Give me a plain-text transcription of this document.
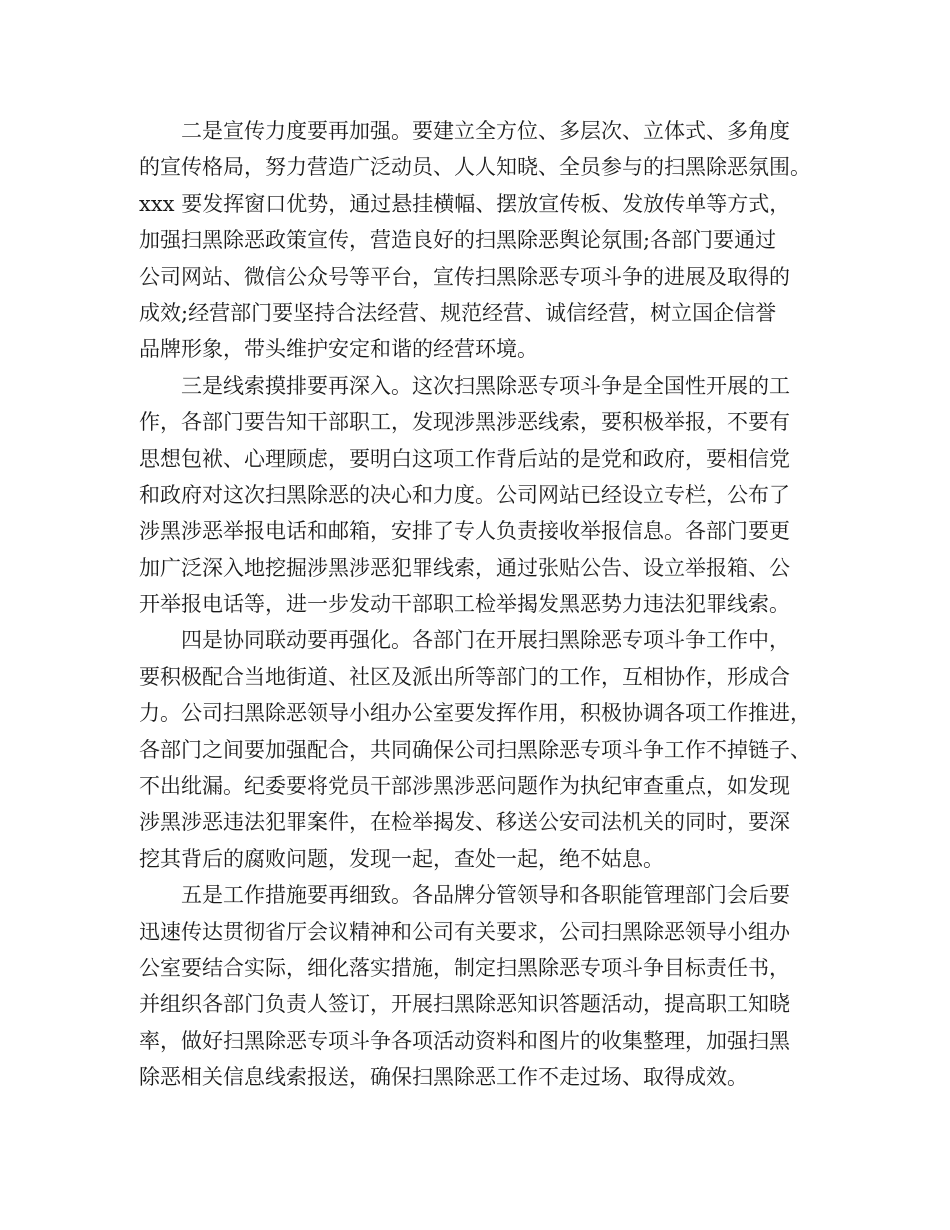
二是宣传力度要再加强。要建立全方位、多层次、立体式、多角度
的宣传格局，努力营造广泛动员、人人知晓、全员参与的扫黑除恶氛围。
xxx 要发挥窗口优势，通过悬挂横幅、摆放宣传板、发放传单等方式，
加强扫黑除恶政策宣传，营造良好的扫黑除恶舆论氛围;各部门要通过
公司网站、微信公众号等平台，宣传扫黑除恶专项斗争的进展及取得的
成效;经营部门要坚持合法经营、规范经营、诚信经营，树立国企信誉
品牌形象，带头维护安定和谐的经营环境。
三是线索摸排要再深入。这次扫黑除恶专项斗争是全国性开展的工
作，各部门要告知干部职工，发现涉黑涉恶线索，要积极举报，不要有
思想包袱、心理顾虑，要明白这项工作背后站的是党和政府，要相信党
和政府对这次扫黑除恶的决心和力度。公司网站已经设立专栏，公布了
涉黑涉恶举报电话和邮箱，安排了专人负责接收举报信息。各部门要更
加广泛深入地挖掘涉黑涉恶犯罪线索，通过张贴公告、设立举报箱、公
开举报电话等，进一步发动干部职工检举揭发黑恶势力违法犯罪线索。
四是协同联动要再强化。各部门在开展扫黑除恶专项斗争工作中，
要积极配合当地街道、社区及派出所等部门的工作，互相协作，形成合
力。公司扫黑除恶领导小组办公室要发挥作用，积极协调各项工作推进，
各部门之间要加强配合，共同确保公司扫黑除恶专项斗争工作不掉链子、
不出纰漏。纪委要将党员干部涉黑涉恶问题作为执纪审查重点，如发现
涉黑涉恶违法犯罪案件，在检举揭发、移送公安司法机关的同时，要深
挖其背后的腐败问题，发现一起，查处一起，绝不姑息。
五是工作措施要再细致。各品牌分管领导和各职能管理部门会后要
迅速传达贯彻省厅会议精神和公司有关要求，公司扫黑除恶领导小组办
公室要结合实际，细化落实措施，制定扫黑除恶专项斗争目标责任书，
并组织各部门负责人签订，开展扫黑除恶知识答题活动，提高职工知晓
率，做好扫黑除恶专项斗争各项活动资料和图片的收集整理，加强扫黑
除恶相关信息线索报送，确保扫黑除恶工作不走过场、取得成效。
